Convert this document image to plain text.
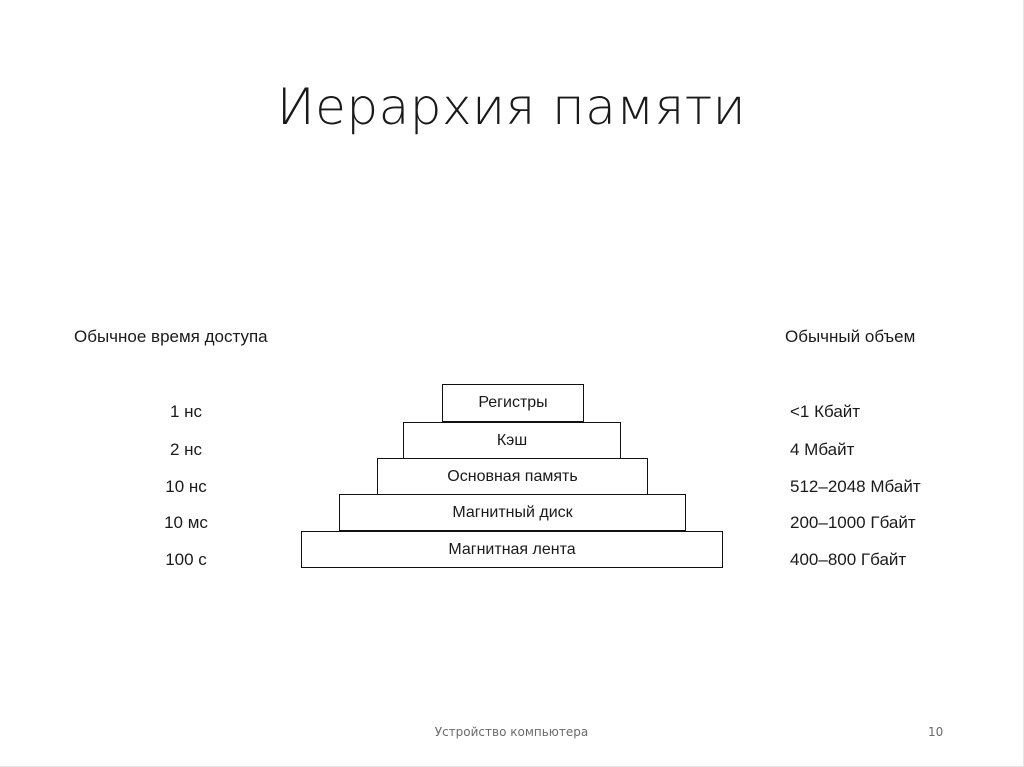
Иерархия памяти
Обычное время доступа	Обычный объем
Регистры
Кэш
Основная память
Магнитный диск
Магнитная лента
1 нс
2 нс
10 нс
10 мс
100 с
<1 Кбайт
4 Мбайт
512–2048 Мбайт
200–1000 Гбайт
400–800 Гбайт
Устройство компьютера	10
